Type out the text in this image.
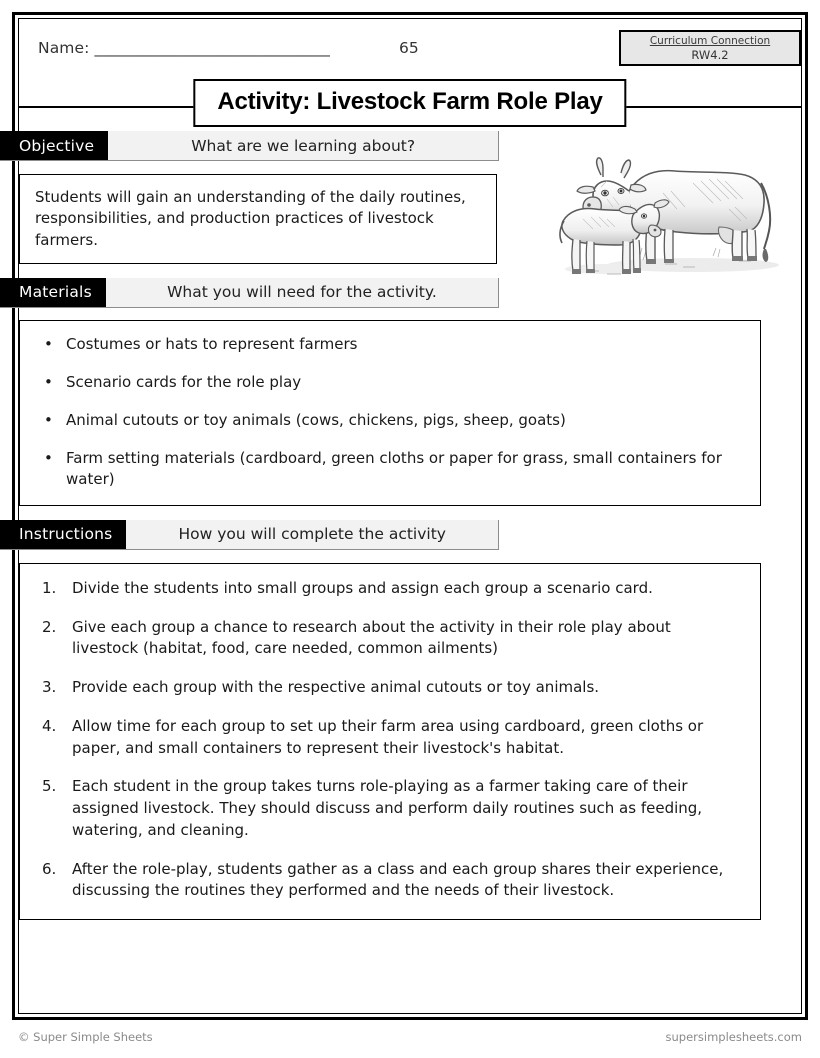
Name: ______________________________	65	Curriculum Connection
RW4.2
Activity: Livestock Farm Role Play
Objective	What are we learning about?

Students will gain an understanding of the daily routines, responsibilities, and production practices of livestock farmers.

Materials	What you will need for the activity.
• Costumes or hats to represent farmers
• Scenario cards for the role play
• Animal cutouts or toy animals (cows, chickens, pigs, sheep, goats)
• Farm setting materials (cardboard, green cloths or paper for grass, small containers for water)
Instructions	How you will complete the activity
1.	Divide the students into small groups and assign each group a scenario card.
2.	Give each group a chance to research about the activity in their role play about livestock (habitat, food, care needed, common ailments)
3.	Provide each group with the respective animal cutouts or toy animals.
4.	Allow time for each group to set up their farm area using cardboard, green cloths or paper, and small containers to represent their livestock's habitat.
5.	Each student in the group takes turns role-playing as a farmer taking care of their assigned livestock. They should discuss and perform daily routines such as feeding, watering, and cleaning.
6.	After the role-play, students gather as a class and each group shares their experience, discussing the routines they performed and the needs of their livestock.
© Super Simple Sheets	supersimplesheets.com
